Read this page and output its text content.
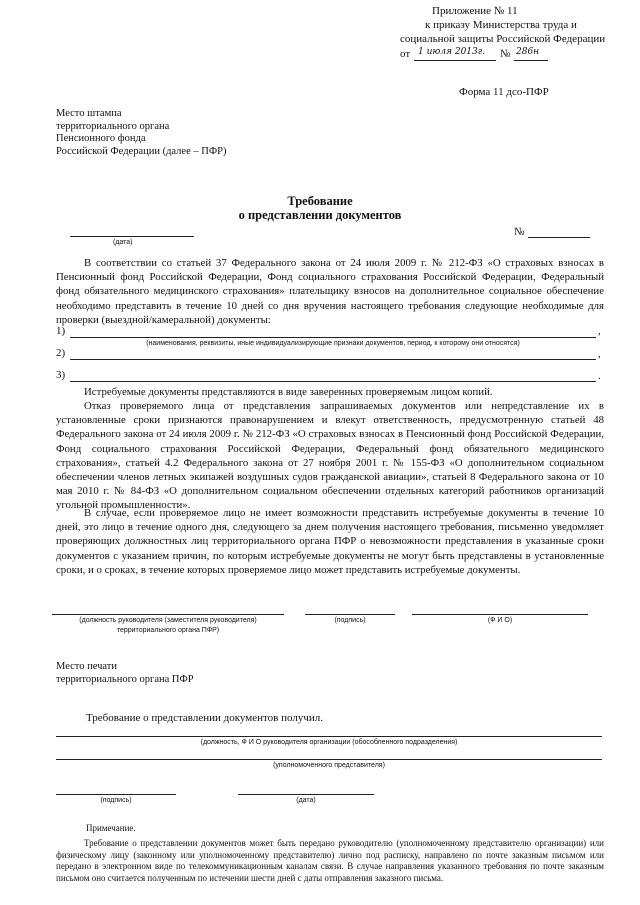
Приложение № 11
к приказу Министерства труда и
социальной защиты Российской Федерации
от 1 июля 2013г. № 286н
Форма 11 дсо-ПФР
Место штампа
территориального органа
Пенсионного фонда
Российской Федерации (далее – ПФР)
Требование
о представлении документов
(дата)
№
В соответствии со статьей 37 Федерального закона от 24 июля 2009 г. № 212-ФЗ «О страховых взносах в Пенсионный фонд Российской Федерации, Фонд социального страхования Российской Федерации, Федеральный фонд обязательного медицинского страхования» плательщику взносов на дополнительное социальное обеспечение необходимо представить в течение 10 дней со дня вручения настоящего требования следующие необходимые для проверки (выездной/камеральной) документы:
1)	,
(наименования, реквизиты, иные индивидуализирующие признаки документов, период, к которому они относятся)
2)	,
3)	.
Истребуемые документы представляются в виде заверенных проверяемым лицом копий.
Отказ проверяемого лица от представления запрашиваемых документов или непредставление их в установленные сроки признаются правонарушением и влекут ответственность, предусмотренную статьей 48 Федерального закона от 24 июля 2009 г. № 212-ФЗ «О страховых взносах в Пенсионный фонд Российской Федерации, Фонд социального страхования Российской Федерации, Федеральный фонд обязательного медицинского страхования», статьей 4.2 Федерального закона от 27 ноября 2001 г. № 155-ФЗ «О дополнительном социальном обеспечении членов летных экипажей воздушных судов гражданской авиации», статьей 8 Федерального закона от 10 мая 2010 г. № 84-ФЗ «О дополнительном социальном обеспечении отдельных категорий работников организаций угольной промышленности».
В случае, если проверяемое лицо не имеет возможности представить истребуемые документы в течение 10 дней, это лицо в течение одного дня, следующего за днем получения настоящего требования, письменно уведомляет проверяющих должностных лиц территориального органа ПФР о невозможности представления в указанные сроки документов с указанием причин, по которым истребуемые документы не могут быть представлены в установленные сроки, и о сроках, в течение которых проверяемое лицо может представить истребуемые документы.
(должность руководителя (заместителя руководителя)
территориального органа ПФР)
(подпись)	(Ф И О)
Место печати
территориального органа ПФР
Требование о представлении документов получил.
(должность, Ф И О руководителя организации (обособленного подразделения)
(уполномоченного представителя)
(подпись)	(дата)
Примечание.
Требование о представлении документов может быть передано руководителю (уполномоченному представителю организации) или физическому лицу (законному или уполномоченному представителю) лично под расписку, направлено по почте заказным письмом или передано в электронном виде по телекоммуникационным каналам связи. В случае направления указанного требования по почте заказным письмом оно считается полученным по истечении шести дней с даты отправления заказного письма.
